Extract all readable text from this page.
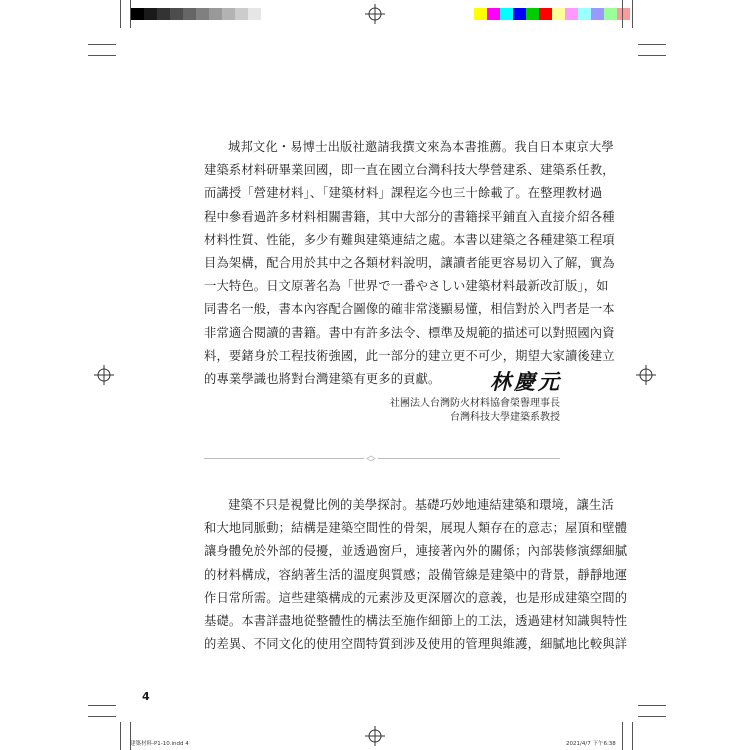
城邦文化・易博士出版社邀請我撰文來為本書推薦。我自日本東京大學
建築系材料研畢業回國，即一直在國立台灣科技大學營建系、建築系任教，
而講授「營建材料」、「建築材料」課程迄今也三十餘載了。在整理教材過
程中參看過許多材料相關書籍，其中大部分的書籍採平鋪直入直接介紹各種
材料性質、性能，多少有難與建築連結之處。本書以建築之各種建築工程項
目為架構，配合用於其中之各類材料說明，讓讀者能更容易切入了解，實為
一大特色。日文原著名為「世界で一番やさしい建築材料最新改訂版」，如
同書名一般，書本內容配合圖像的確非常淺顯易懂，相信對於入門者是一本
非常適合閱讀的書籍。書中有許多法令、標準及規範的描述可以對照國內資
料，要鍺身於工程技術強國，此一部分的建立更不可少，期望大家讀後建立
的專業學識也將對台灣建築有更多的貢獻。	林慶元
社團法人台灣防火材料協會榮譽理事長
台灣科技大學建築系教授
建築不只是視覺比例的美學探討。基礎巧妙地連結建築和環境，讓生活
和大地同脈動；結構是建築空間性的骨架，展現人類存在的意志；屋頂和壁體
讓身體免於外部的侵擾，並透過窗戶，連接著內外的關係；內部裝修演繹細膩
的材料構成，容納著生活的溫度與質感；設備管線是建築中的背景，靜靜地運
作日常所需。這些建築構成的元素涉及更深層次的意義，也是形成建築空間的
基礎。本書詳盡地從整體性的構法至施作細節上的工法，透過建材知識與特性
的差異、不同文化的使用空間特質到涉及使用的管理與維護，細膩地比較與詳
4
建築材料-P1-10.indd 4	2021/4/7 下午6:38
